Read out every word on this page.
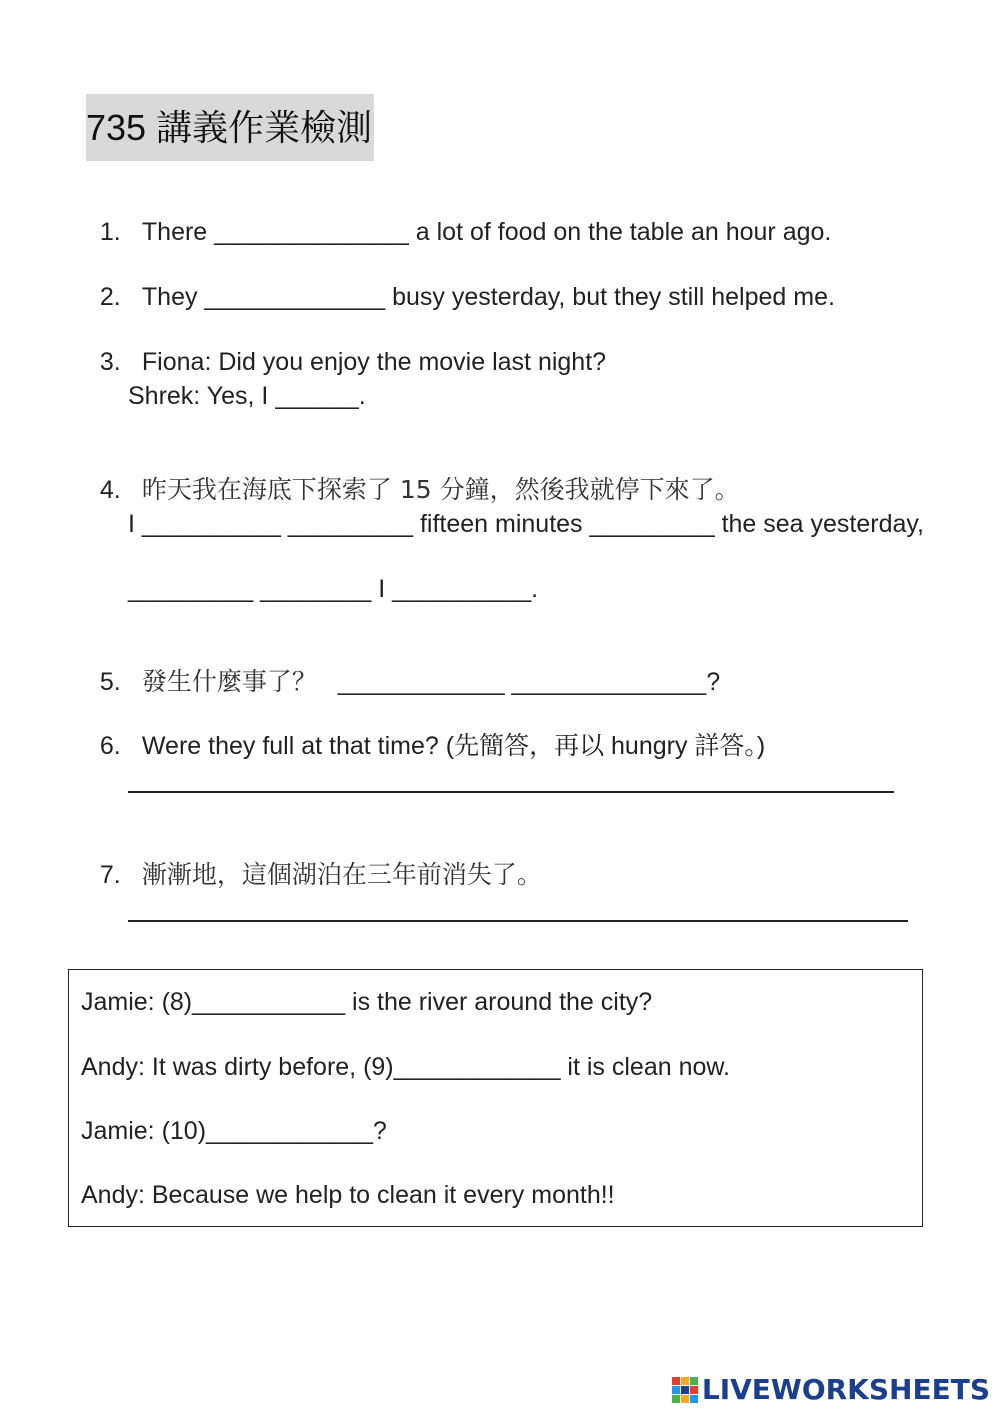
735 講義作業檢測

1. There ______________ a lot of food on the table an hour ago.

2. They _____________ busy yesterday, but they still helped me.

3. Fiona: Did you enjoy the movie last night?

Shrek: Yes, I ______.

4. 昨天我在海底下探索了 15 分鐘，然後我就停下來了。

I __________ _________ fifteen minutes _________ the sea yesterday,
_________ ________ I __________.

5. 發生什麼事了？ ____________ ______________?

6. Were they full at that time? (先簡答，再以 hungry 詳答。)

7. 漸漸地，這個湖泊在三年前消失了。

Jamie: (8)___________ is the river around the city?
Andy: It was dirty before, (9)____________ it is clean now.
Jamie: (10)____________?
Andy: Because we help to clean it every month!!
LIVEWORKSHEETS
